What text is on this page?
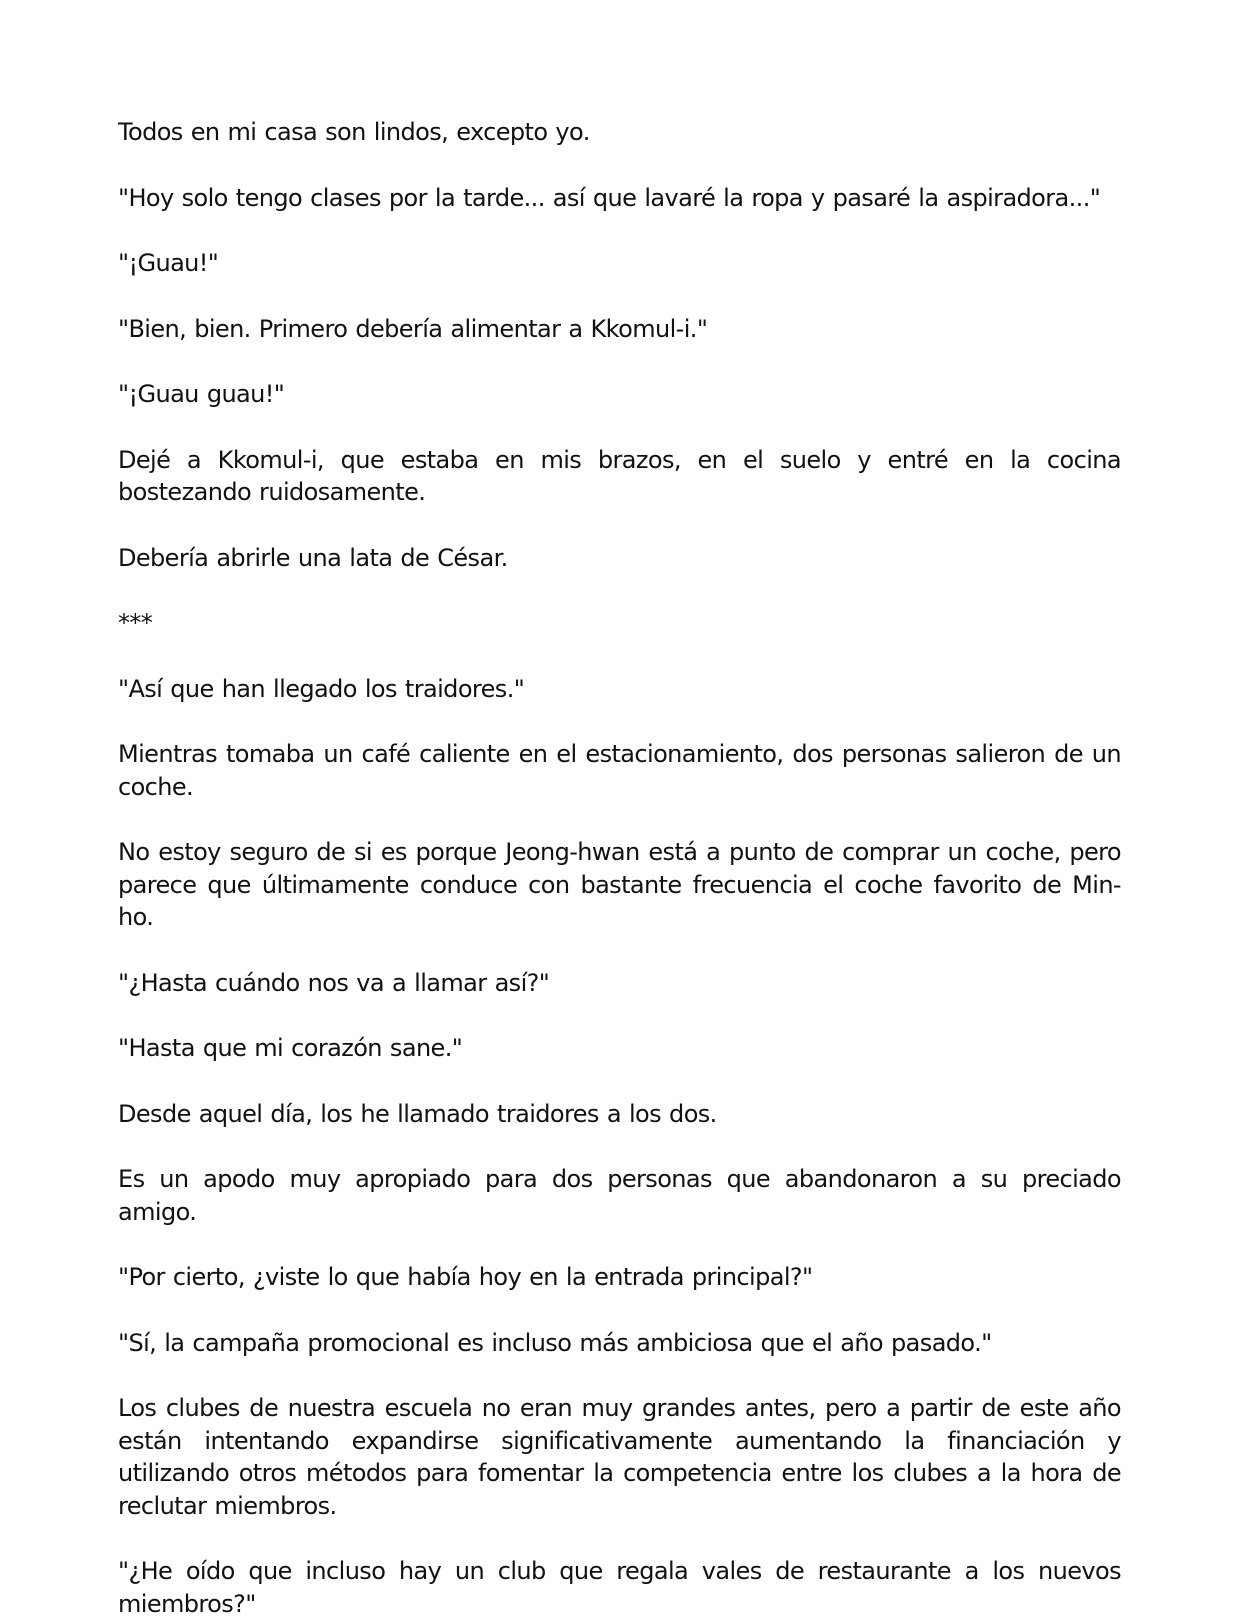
Todos en mi casa son lindos, excepto yo.

"Hoy solo tengo clases por la tarde... así que lavaré la ropa y pasaré la aspiradora..."

"¡Guau!"

"Bien, bien. Primero debería alimentar a Kkomul-i."

"¡Guau guau!"

Dejé a Kkomul-i, que estaba en mis brazos, en el suelo y entré en la cocina bostezando ruidosamente.

Debería abrirle una lata de César.

***

"Así que han llegado los traidores."

Mientras tomaba un café caliente en el estacionamiento, dos personas salieron de un coche.

No estoy seguro de si es porque Jeong-hwan está a punto de comprar un coche, pero parece que últimamente conduce con bastante frecuencia el coche favorito de Min-ho.

"¿Hasta cuándo nos va a llamar así?"

"Hasta que mi corazón sane."

Desde aquel día, los he llamado traidores a los dos.

Es un apodo muy apropiado para dos personas que abandonaron a su preciado amigo.

"Por cierto, ¿viste lo que había hoy en la entrada principal?"

"Sí, la campaña promocional es incluso más ambiciosa que el año pasado."

Los clubes de nuestra escuela no eran muy grandes antes, pero a partir de este año están intentando expandirse significativamente aumentando la financiación y utilizando otros métodos para fomentar la competencia entre los clubes a la hora de reclutar miembros.

"¿He oído que incluso hay un club que regala vales de restaurante a los nuevos miembros?"
